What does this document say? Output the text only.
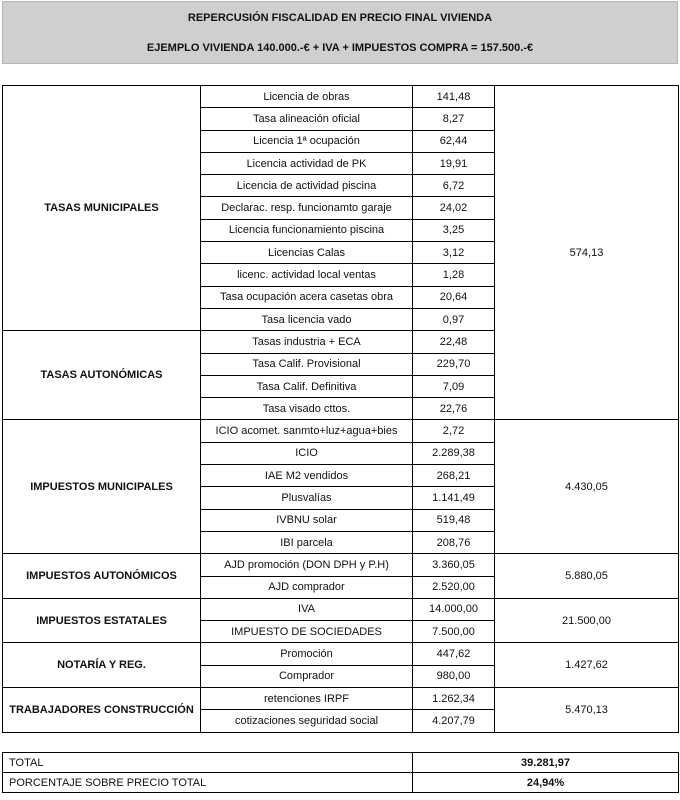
REPERCUSIÓN FISCALIDAD EN PRECIO FINAL VIVIENDA
EJEMPLO VIVIENDA 140.000.-€ + IVA + IMPUESTOS COMPRA = 157.500.-€
TASAS MUNICIPALES	Licencia de obras	141,48	574,13
	Tasa alineación oficial	8,27	
	Licencia 1ª ocupación	62,44	
	Licencia actividad de PK	19,91	
	Licencia de actividad piscina	6,72	
	Declarac. resp. funcionamto garaje	24,02	
	Licencia funcionamiento piscina	3,25	
	Licencias Calas	3,12	
	licenc. actividad local ventas	1,28	
	Tasa ocupación acera casetas obra	20,64	
	Tasa licencia vado	0,97	
TASAS AUTONÓMICAS	Tasas industria + ECA	22,48	
	Tasa Calif. Provisional	229,70	
	Tasa Calif. Definitiva	7,09	
	Tasa visado cttos.	22,76	
IMPUESTOS MUNICIPALES	ICIO acomet. sanmto+luz+agua+bies	2,72	4.430,05
	ICIO	2.289,38	
	IAE M2 vendidos	268,21	
	Plusvalías	1.141,49	
	IVBNU solar	519,48	
	IBI parcela	208,76	
IMPUESTOS AUTONÓMICOS	AJD promoción (DON DPH y P.H)	3.360,05	5.880,05
	AJD comprador	2.520,00	
IMPUESTOS ESTATALES	IVA	14.000,00	21.500,00
	IMPUESTO DE SOCIEDADES	7.500,00	
NOTARÍA Y REG.	Promoción	447,62	1.427,62
	Comprador	980,00	
TRABAJADORES CONSTRUCCIÓN	retenciones IRPF	1.262,34	5.470,13
	cotizaciones seguridad social	4.207,79	
TOTAL	39.281,97
PORCENTAJE SOBRE PRECIO TOTAL	24,94%
